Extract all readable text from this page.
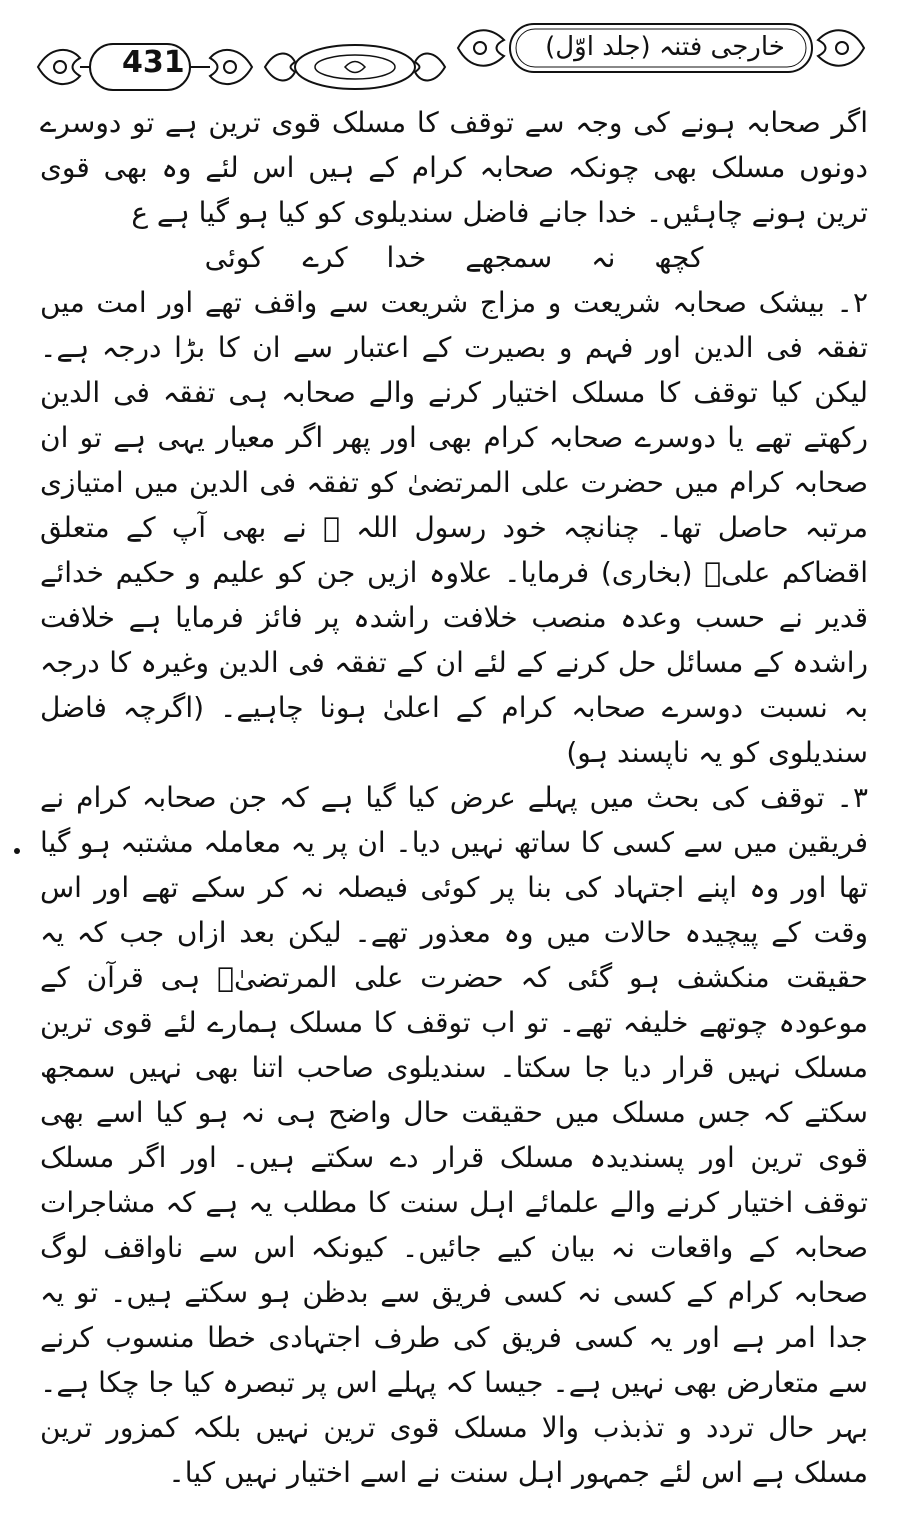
431	خارجی فتنہ (جلد اوّل)

اگر صحابہ ہونے کی وجہ سے توقف کا مسلک قوی ترین ہے تو دوسرے دونوں مسلک بھی چونکہ صحابہ کرام کے ہیں اس لئے وہ بھی قوی ترین ہونے چاہئیں۔ خدا جانے فاضل سندیلوی کو کیا ہو گیا ہے ع

کچھ نہ سمجھے خدا کرے کوئی

۲۔ بیشک صحابہ شریعت و مزاج شریعت سے واقف تھے اور امت میں تفقہ فی الدین اور فہم و بصیرت کے اعتبار سے ان کا بڑا درجہ ہے۔ لیکن کیا توقف کا مسلک اختیار کرنے والے صحابہ ہی تفقہ فی الدین رکھتے تھے یا دوسرے صحابہ کرام بھی اور پھر اگر معیار یہی ہے تو ان صحابہ کرام میں حضرت علی المرتضیٰ کو تفقہ فی الدین میں امتیازی مرتبہ حاصل تھا۔ چنانچہ خود رسول اللہ ﷺ نے بھی آپ کے متعلق اقضاکم علیؓ (بخاری) فرمایا۔ علاوہ ازیں جن کو علیم و حکیم خدائے قدیر نے حسب وعدہ منصب خلافت راشدہ پر فائز فرمایا ہے خلافت راشدہ کے مسائل حل کرنے کے لئے ان کے تفقہ فی الدین وغیرہ کا درجہ بہ نسبت دوسرے صحابہ کرام کے اعلیٰ ہونا چاہیے۔ (اگرچہ فاضل سندیلوی کو یہ ناپسند ہو)

۳۔ توقف کی بحث میں پہلے عرض کیا گیا ہے کہ جن صحابہ کرام نے فریقین میں سے کسی کا ساتھ نہیں دیا۔ ان پر یہ معاملہ مشتبہ ہو گیا تھا اور وہ اپنے اجتہاد کی بنا پر کوئی فیصلہ نہ کر سکے تھے اور اس وقت کے پیچیدہ حالات میں وہ معذور تھے۔ لیکن بعد ازاں جب کہ یہ حقیقت منکشف ہو گئی کہ حضرت علی المرتضیٰؓ ہی قرآن کے موعودہ چوتھے خلیفہ تھے۔ تو اب توقف کا مسلک ہمارے لئے قوی ترین مسلک نہیں قرار دیا جا سکتا۔ سندیلوی صاحب اتنا بھی نہیں سمجھ سکتے کہ جس مسلک میں حقیقت حال واضح ہی نہ ہو کیا اسے بھی قوی ترین اور پسندیدہ مسلک قرار دے سکتے ہیں۔ اور اگر مسلک توقف اختیار کرنے والے علمائے اہل سنت کا مطلب یہ ہے کہ مشاجرات صحابہ کے واقعات نہ بیان کیے جائیں۔ کیونکہ اس سے ناواقف لوگ صحابہ کرام کے کسی نہ کسی فریق سے بدظن ہو سکتے ہیں۔ تو یہ جدا امر ہے اور یہ کسی فریق کی طرف اجتہادی خطا منسوب کرنے سے متعارض بھی نہیں ہے۔ جیسا کہ پہلے اس پر تبصرہ کیا جا چکا ہے۔ بہر حال تردد و تذبذب والا مسلک قوی ترین نہیں بلکہ کمزور ترین مسلک ہے اس لئے جمہور اہل سنت نے اسے اختیار نہیں کیا۔
